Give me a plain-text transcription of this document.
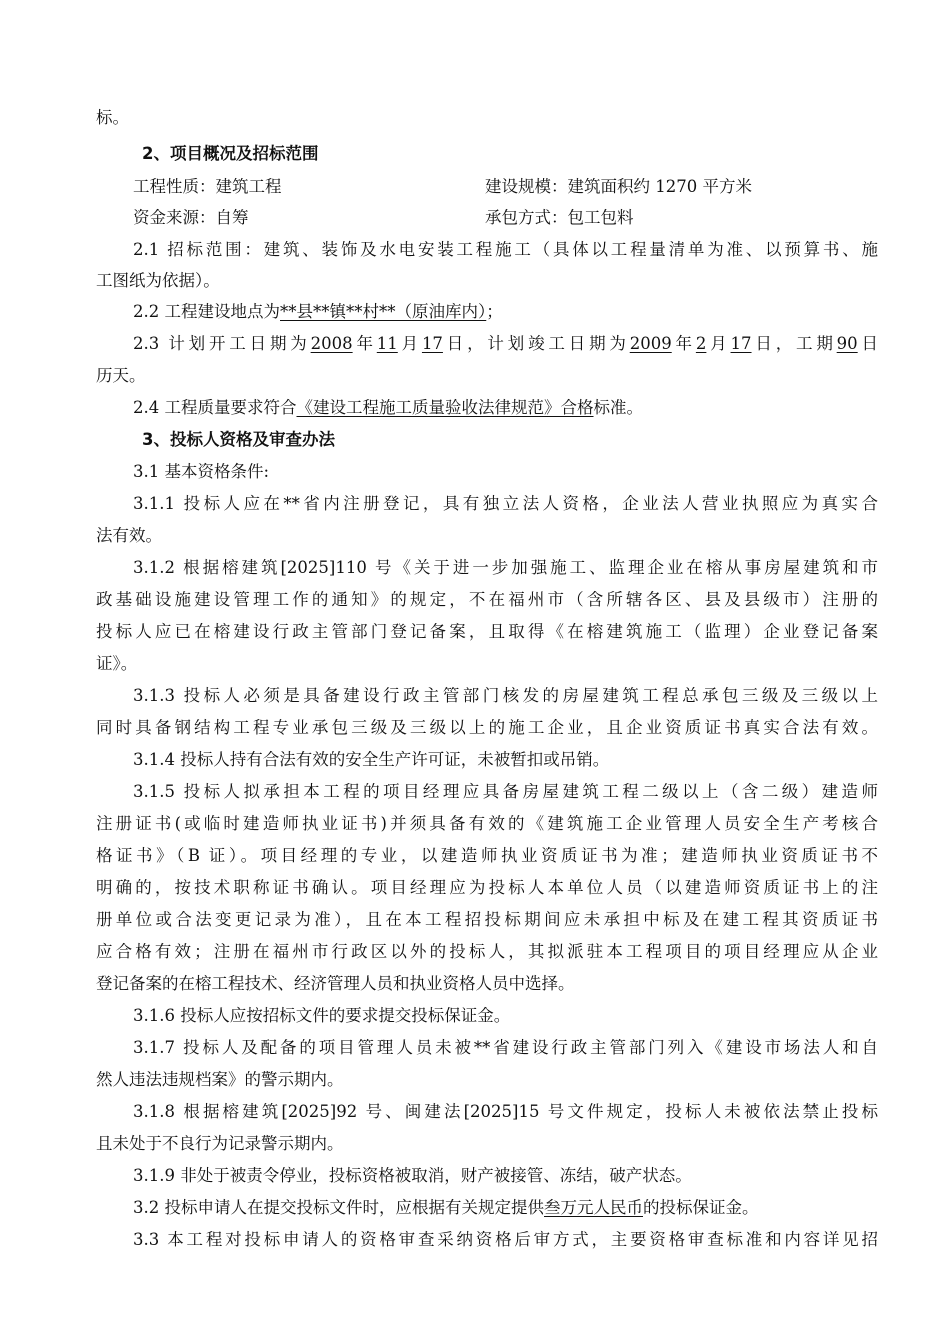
标。
2、项目概况及招标范围
工程性质：建筑工程	建设规模：建筑面积约 1270 平方米
资金来源：自筹	承包方式：包工包料
2.1 招标范围：建筑、装饰及水电安装工程施工（具体以工程量清单为准、以预算书、施
工图纸为依据）。
2.2 工程建设地点为**县**镇**村**（原油库内）；
2.3 计划开工日期为2008年11月17日，计划竣工日期为2009年2月17日，工期90日
历天。
2.4 工程质量要求符合《建设工程施工质量验收法律规范》合格标准。
3、投标人资格及审查办法
3.1 基本资格条件:
3.1.1 投标人应在**省内注册登记，具有独立法人资格，企业法人营业执照应为真实合
法有效。
3.1.2 根据榕建筑[2025]110 号《关于进一步加强施工、监理企业在榕从事房屋建筑和市
政基础设施建设管理工作的通知》的规定，不在福州市（含所辖各区、县及县级市）注册的
投标人应已在榕建设行政主管部门登记备案，且取得《在榕建筑施工（监理）企业登记备案
证》。
3.1.3 投标人必须是具备建设行政主管部门核发的房屋建筑工程总承包三级及三级以上
同时具备钢结构工程专业承包三级及三级以上的施工企业，且企业资质证书真实合法有效。
3.1.4 投标人持有合法有效的安全生产许可证，未被暂扣或吊销。
3.1.5 投标人拟承担本工程的项目经理应具备房屋建筑工程二级以上（含二级）建造师
注册证书(或临时建造师执业证书)并须具备有效的《建筑施工企业管理人员安全生产考核合
格证书》（B 证）。项目经理的专业，以建造师执业资质证书为准；建造师执业资质证书不
明确的，按技术职称证书确认。项目经理应为投标人本单位人员（以建造师资质证书上的注
册单位或合法变更记录为准），且在本工程招投标期间应未承担中标及在建工程其资质证书
应合格有效；注册在福州市行政区以外的投标人，其拟派驻本工程项目的项目经理应从企业
登记备案的在榕工程技术、经济管理人员和执业资格人员中选择。
3.1.6 投标人应按招标文件的要求提交投标保证金。
3.1.7 投标人及配备的项目管理人员未被**省建设行政主管部门列入《建设市场法人和自
然人违法违规档案》的警示期内。
3.1.8 根据榕建筑[2025]92 号、闽建法[2025]15 号文件规定，投标人未被依法禁止投标
且未处于不良行为记录警示期内。
3.1.9 非处于被责令停业，投标资格被取消，财产被接管、冻结，破产状态。
3.2 投标申请人在提交投标文件时，应根据有关规定提供叁万元人民币的投标保证金。
3.3 本工程对投标申请人的资格审查采纳资格后审方式，主要资格审查标准和内容详见招
